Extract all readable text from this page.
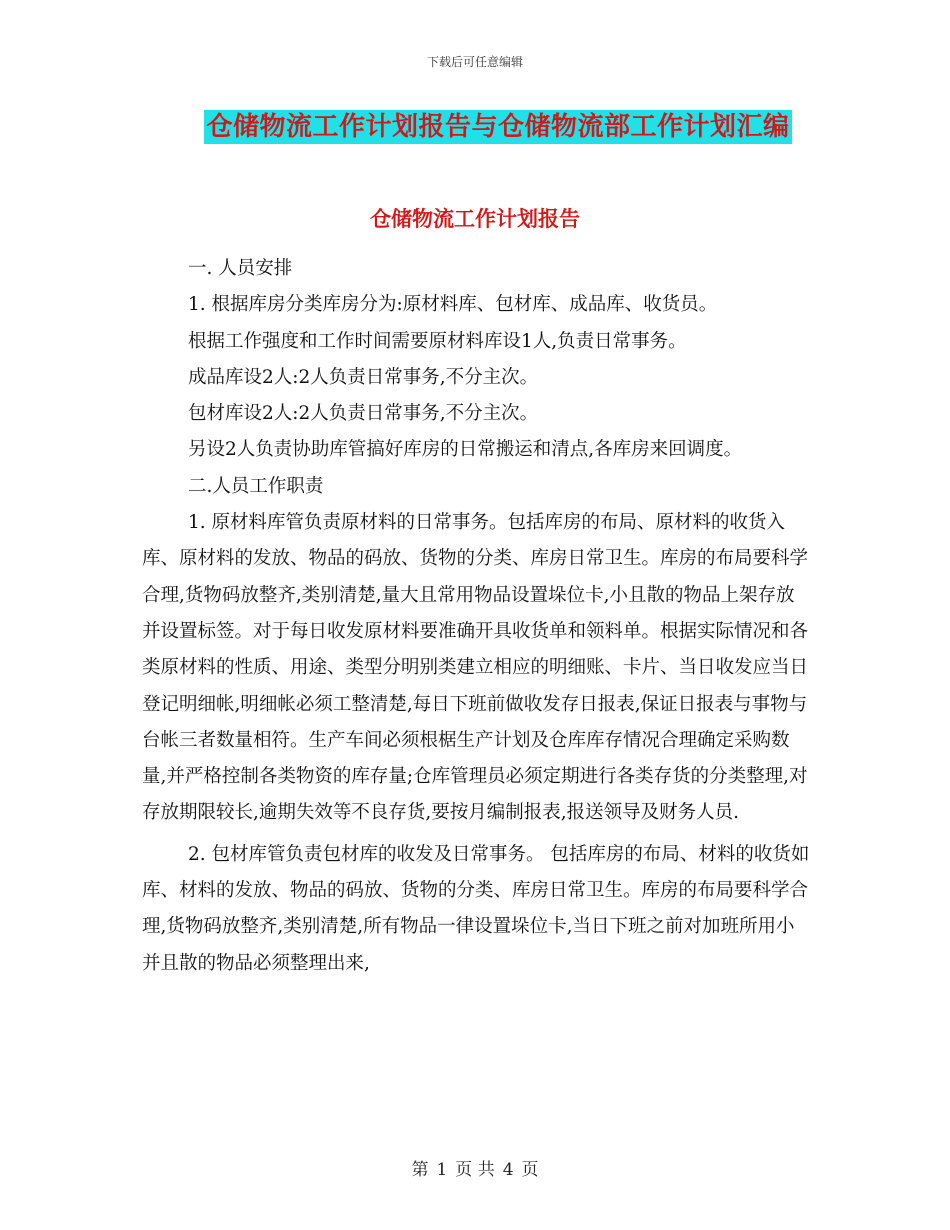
下载后可任意编辑
仓储物流工作计划报告与仓储物流部工作计划汇编
仓储物流工作计划报告

一. 人员安排

1. 根据库房分类库房分为:原材料库、包材库、成品库、收货员。

根据工作强度和工作时间需要原材料库设1人,负责日常事务。

成品库设2人:2人负责日常事务,不分主次。

包材库设2人:2人负责日常事务,不分主次。

另设2人负责协助库管搞好库房的日常搬运和清点,各库房来回调度。

二.人员工作职责

1. 原材料库管负责原材料的日常事务。包括库房的布局、原材料的收货入库、原材料的发放、物品的码放、货物的分类、库房日常卫生。库房的布局要科学合理,货物码放整齐,类别清楚,量大且常用物品设置垛位卡,小且散的物品上架存放并设置标签。对于每日收发原材料要准确开具收货单和领料单。根据实际情况和各类原材料的性质、用途、类型分明别类建立相应的明细账、卡片、当日收发应当日登记明细帐,明细帐必须工整清楚,每日下班前做收发存日报表,保证日报表与事物与台帐三者数量相符。生产车间必须根椐生产计划及仓库库存情况合理确定采购数量,并严格控制各类物资的库存量;仓库管理员必须定期进行各类存货的分类整理,对存放期限较长,逾期失效等不良存货,要按月编制报表,报送领导及财务人员.

2. 包材库管负责包材库的收发及日常事务。 包括库房的布局、材料的收货如库、材料的发放、物品的码放、货物的分类、库房日常卫生。库房的布局要科学合理,货物码放整齐,类别清楚,所有物品一律设置垛位卡,当日下班之前对加班所用小并且散的物品必须整理出来,

第 1 页 共 4 页
